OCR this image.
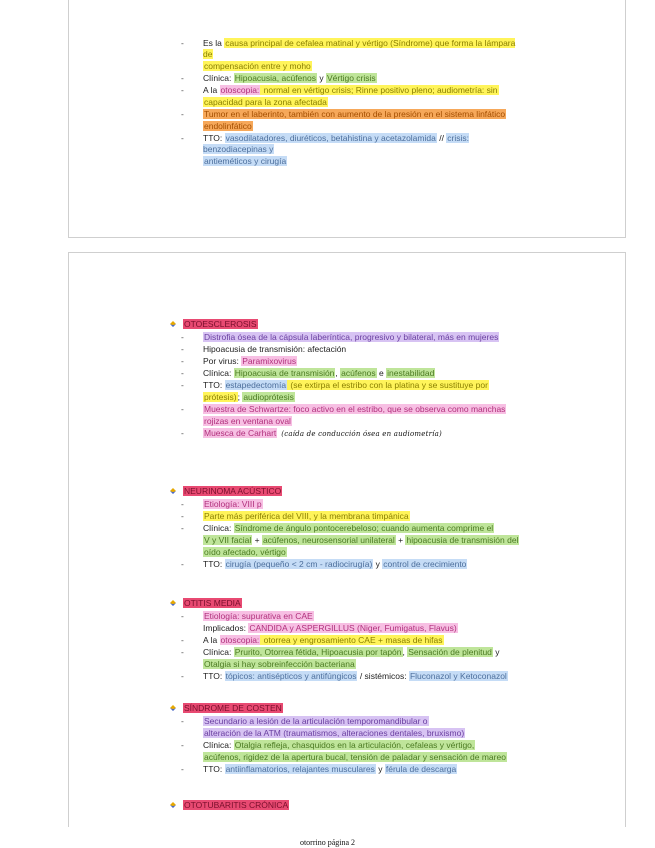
-	Es la causa principal de cefalea matinal y vértigo (Síndrome) que forma la lámpara de
compensación entre y moho
-	Clínica: Hipoacusia, acúfenos y Vértigo crisis
-	A la otoscopia: normal en vértigo crisis; Rinne positivo pleno; audiometría: sin
capacidad para la zona afectada
-	Tumor en el laberinto, también con aumento de la presión en el sistema linfático
endolinfático
-	TTO: vasodilatadores, diuréticos, betahistina y acetazolamida // crisis: benzodiacepinas y
antieméticos y cirugía
OTOESCLEROSIS
-	Distrofia ósea de la cápsula laberíntica, progresivo y bilateral, más en mujeres
-	Hipoacusia de transmisión: afectación
-	Por virus: Paramixovirus
-	Clínica: Hipoacusia de transmisión, acúfenos e inestabilidad
-	TTO: estapedectomía (se extirpa el estribo con la platina y se sustituye por
prótesis); audioprótesis
-	Muestra de Schwartze: foco activo en el estribo, que se observa como manchas
rojizas en ventana oval
-	Muesca de Carhart (caída de conducción ósea en audiometría)
NEURINOMA ACÚSTICO
-	Etiología: VIII p
-	Parte más periférica del VIII, y la membrana timpánica
-	Clínica: Síndrome de ángulo pontocerebeloso; cuando aumenta comprime el
V y VII facial + acúfenos, neurosensorial unilateral + hipoacusia de transmisión del
oído afectado, vértigo
-	TTO: cirugía (pequeño < 2 cm - radiocirugía) y control de crecimiento
OTITIS MEDIA
-	Etiología: supurativa en CAE
Implicados: CANDIDA y ASPERGILLUS (Niger, Fumigatus, Flavus)
-	A la otoscopia: otorrea y engrosamiento CAE + masas de hifas
-	Clínica: Prurito, Otorrea fétida, Hipoacusia por tapón, Sensación de plenitud y
Otalgia si hay sobreinfección bacteriana
-	TTO: tópicos: antisépticos y antifúngicos / sistémicos: Fluconazol y Ketoconazol
SÍNDROME DE COSTEN
-	Secundario a lesión de la articulación temporomandibular o
alteración de la ATM (traumatismos, alteraciones dentales, bruxismo)
-	Clínica: Otalgia refleja, chasquidos en la articulación, cefaleas y vértigo,
acúfenos, rigidez de la apertura bucal, tensión de paladar y sensación de mareo
-	TTO: antiinflamatorios, relajantes musculares y férula de descarga
OTOTUBARITIS CRÓNICA
otorrino página 2
